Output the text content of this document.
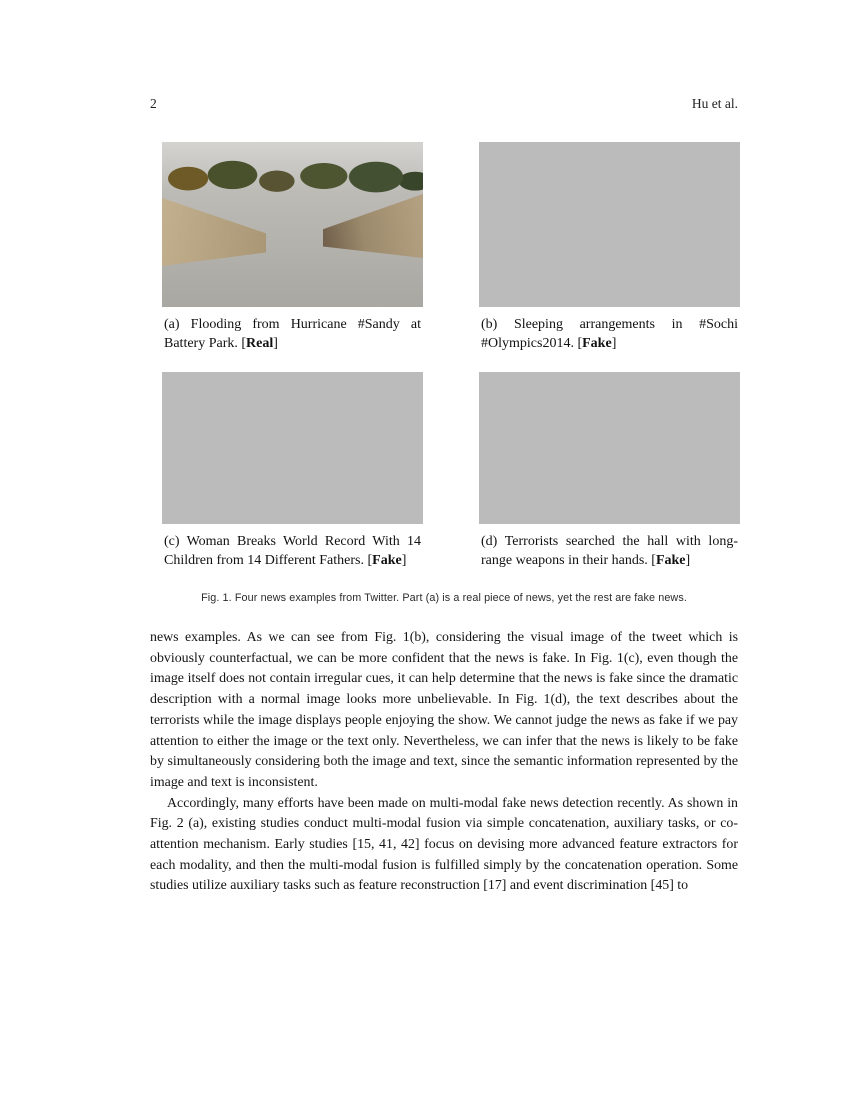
2	Hu et al.

(a) Flooding from Hurricane #Sandy at Battery Park. [Real]

(b) Sleeping arrangements in #Sochi #Olympics2014. [Fake]

(c) Woman Breaks World Record With 14 Children from 14 Different Fathers. [Fake]

(d) Terrorists searched the hall with long-range weapons in their hands. [Fake]

Fig. 1. Four news examples from Twitter. Part (a) is a real piece of news, yet the rest are fake news.

news examples. As we can see from Fig. 1(b), considering the visual image of the tweet which is obviously counterfactual, we can be more confident that the news is fake. In Fig. 1(c), even though the image itself does not contain irregular cues, it can help determine that the news is fake since the dramatic description with a normal image looks more unbelievable. In Fig. 1(d), the text describes about the terrorists while the image displays people enjoying the show. We cannot judge the news as fake if we pay attention to either the image or the text only. Nevertheless, we can infer that the news is likely to be fake by simultaneously considering both the image and text, since the semantic information represented by the image and text is inconsistent.

Accordingly, many efforts have been made on multi-modal fake news detection recently. As shown in Fig. 2 (a), existing studies conduct multi-modal fusion via simple concatenation, auxiliary tasks, or co-attention mechanism. Early studies [15, 41, 42] focus on devising more advanced feature extractors for each modality, and then the multi-modal fusion is fulfilled simply by the concatenation operation. Some studies utilize auxiliary tasks such as feature reconstruction [17] and event discrimination [45] to
